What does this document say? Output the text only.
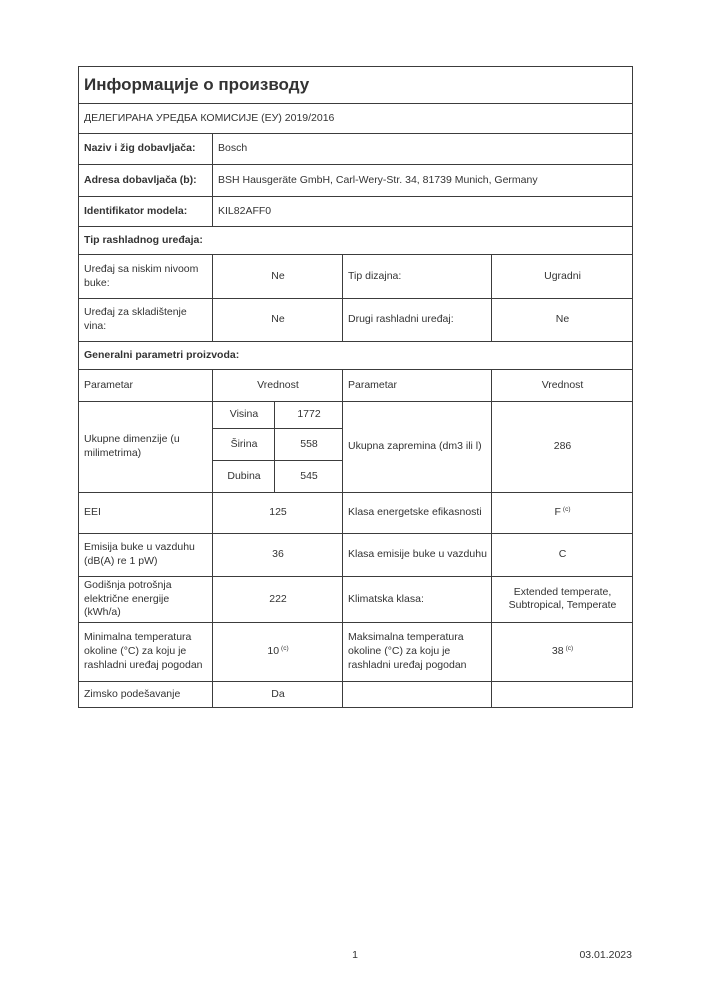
Информације о производу				
ДЕЛЕГИРАНА УРЕДБА КОМИСИЈЕ (ЕУ) 2019/2016				
Naziv i žig dobavljača:	Bosch			
Adresa dobavljača (b):	BSH Hausgeräte GmbH, Carl-Wery-Str. 34, 81739 Munich, Germany			
Identifikator modela:	KIL82AFF0			
Tip rashladnog uređaja:				
Uređaj sa niskim nivoom buke:	Ne		Tip dizajna:	Ugradni
Uređaj za skladištenje vina:	Ne		Drugi rashladni uređaj:	Ne
Generalni parametri proizvoda:				
Parametar	Vrednost		Parametar	Vrednost
Ukupne dimenzije (u milimetrima)	Visina	1772	Ukupna zapremina (dm3 ili l)	286
	Širina	558		
	Dubina	545		
EEI	125		Klasa energetske efikasnosti	F $^{(c)}$
Emisija buke u vazduhu (dB(A) re 1 pW)	36		Klasa emisije buke u vazduhu	C
Godišnja potrošnja električne energije (kWh/a)	222		Klimatska klasa:	Extended temperate, Subtropical, Temperate
Minimalna temperatura okoline (°C) za koju je rashladni uređaj pogodan	10 $^{(c)}$		Maksimalna temperatura okoline (°C) za koju je rashladni uređaj pogodan	38 $^{(c)}$
Zimsko podešavanje	Da			
1	03.01.2023
